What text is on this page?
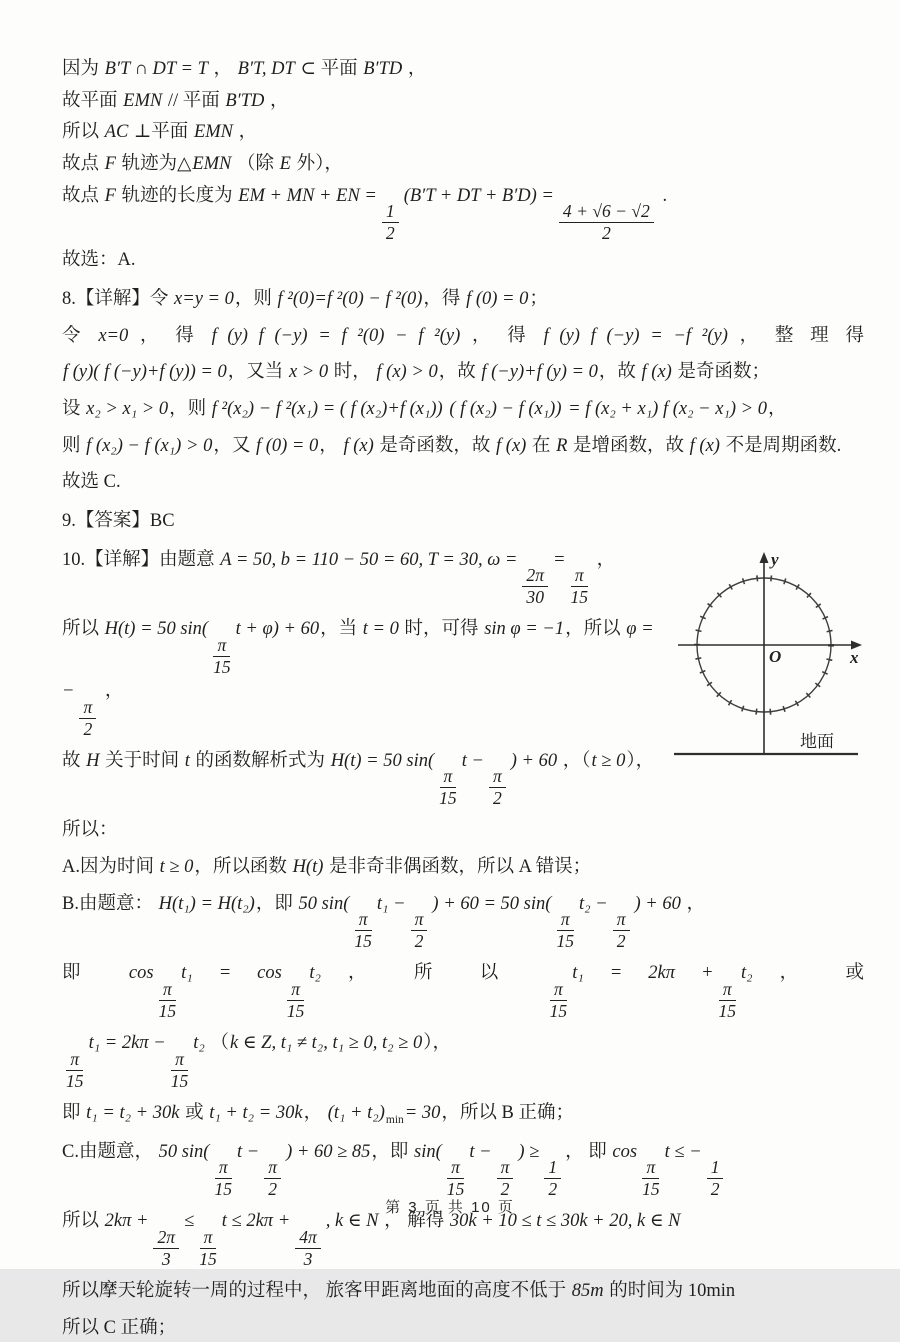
因为 B′T ∩ DT = T ， B′T, DT ⊂ 平面 B′TD ，
故平面 EMN // 平面 B′TD ，
所以 AC ⊥平面 EMN ，
故点 F 轨迹为△EMN （除 E 外），
故点 F 轨迹的长度为 EM + MN + EN =
$\frac{1}{2}$
(B′T + DT + B′D) =
$\frac{4 + √6 - √2}{2}$
.
故选：A.
8.【详解】令 x=y = 0，则 f ²(0)=f ²(0) − f ²(0)，得 f (0) = 0；
令 x=0 ， 得 f (y) f (−y) = f ²(0) − f ²(y) ， 得 f (y) f (−y) = −f ²(y) ， 整 理 得
f (y)( f (−y)+f (y)) = 0，又当 x > 0 时， f (x) > 0，故 f (−y)+f (y) = 0，故 f (x) 是奇函数；
设 x₂ > x₁ > 0，则 f ²(x₂) − f ²(x₁) = ( f (x₂)+f (x₁)) ( f (x₂) − f (x₁)) = f (x₂ + x₁) f (x₂ − x₁) > 0，
则 f (x₂) − f (x₁) > 0，又 f (0) = 0， f (x) 是奇函数，故 f (x) 在 R 是增函数，故 f (x) 不是周期函数.
故选 C.
9.【答案】BC
y
x
O
地面
10.【详解】由题意 A = 50, b = 110 − 50 = 60, T = 30, ω =
$\frac{2\pi}{30}$
=
$\frac{\pi}{15}$
，
所以 H(t) = 50 sin(
$\frac{\pi}{15}$
t + φ) + 60，当 t = 0 时，可得 sin φ = −1，所以 φ = −
$\frac{\pi}{2}$
，
故 H 关于时间 t 的函数解析式为 H(t) = 50 sin(
$\frac{\pi}{15}$
t −
$\frac{\pi}{2}$
) + 60 ，（t ≥ 0），
所以：
A.因为时间 t ≥ 0，所以函数 H(t) 是非奇非偶函数，所以 A 错误；
B.由题意： H(t₁) = H(t₂)，即 50 sin(
$\frac{\pi}{15}$
t₁ −
$\frac{\pi}{2}$
) + 60 = 50 sin(
$\frac{\pi}{15}$
t₂ −
$\frac{\pi}{2}$
) + 60 ，
即 cos
$\frac{\pi}{15}$
t₁ = cos
$\frac{\pi}{15}$
t₂ ， 所 以
$\frac{\pi}{15}$
t₁ = 2kπ +
$\frac{\pi}{15}$
t₂ ， 或
$\frac{\pi}{15}$
t₁ = 2kπ −
$\frac{\pi}{15}$
t₂ （k ∈ Z, t₁ ≠ t₂, t₁ ≥ 0, t₂ ≥ 0），
即 t₁ = t₂ + 30k 或 t₁ + t₂ = 30k， $(t_1 + t_2)_{min}= 30$，所以 B 正确；
C.由题意， 50 sin(
$\frac{\pi}{15}$
t −
$\frac{\pi}{2}$
) + 60 ≥ 85，即 sin(
$\frac{\pi}{15}$
t −
$\frac{\pi}{2}$
) ≥
$\frac{1}{2}$
， 即 cos
$\frac{\pi}{15}$
t ≤ −
$\frac{1}{2}$
所以 2kπ +
$\frac{2\pi}{3}$
≤
$\frac{\pi}{15}$
t ≤ 2kπ +
$\frac{4\pi}{3}$
, k ∈ N ， 解得 30k + 10 ≤ t ≤ 30k + 20, k ∈ N
所以摩天轮旋转一周的过程中， 旅客甲距离地面的高度不低于 85m 的时间为 10min
所以 C 正确；
第 3 页 共 10 页
